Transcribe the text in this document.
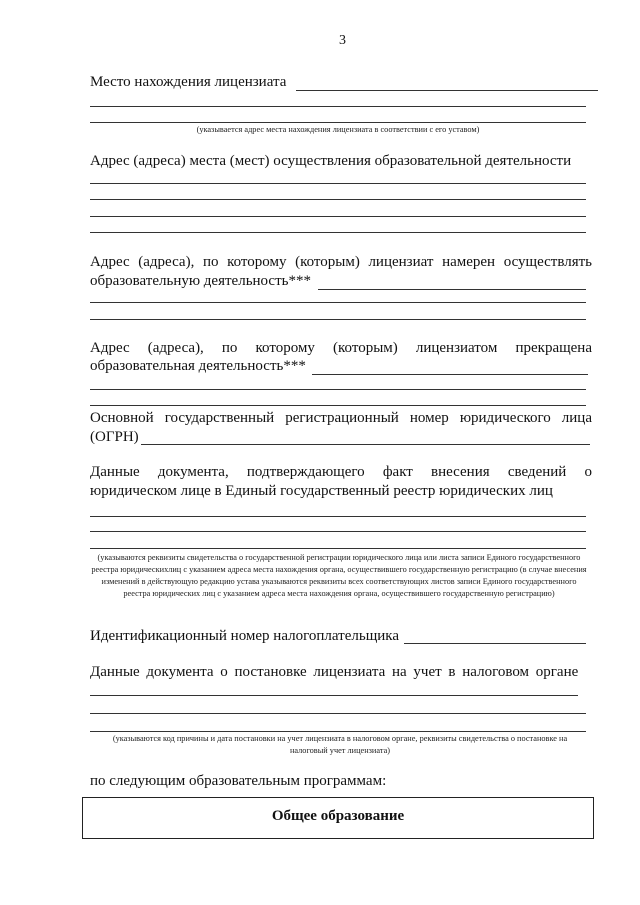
3
Место нахождения лицензиата
(указывается адрес места нахождения лицензиата в соответствии с его уставом)
Адрес (адреса) места (мест) осуществления образовательной деятельности
Адрес (адреса), по которому (которым) лицензиат намерен осуществлять
образовательную деятельность***
Адрес (адреса), по которому (которым) лицензиатом прекращена
образовательная деятельность***
Основной государственный регистрационный номер юридического лица
(ОГРН)
Данные документа, подтверждающего факт внесения сведений о
юридическом лице в Единый государственный реестр юридических лиц
(указываются реквизиты свидетельства о государственной регистрации юридического лица или листа записи Единого государственного реестра юридическихлиц с указанием адреса места нахождения органа, осуществившего государственную регистрацию (в случае внесения изменений в действующую редакцию устава указываются реквизиты всех соответствующих листов записи Единого государственного реестра юридических лиц с указанием адреса места нахождения органа, осуществившего государственную регистрацию)
Идентификационный номер налогоплательщика
Данные документа о постановке лицензиата на учет в налоговом органе
(указываются код причины и дата постановки на учет лицензиата в налоговом органе, реквизиты свидетельства о постановке на налоговый учет лицензиата)
по следующим образовательным программам:
Общее образование
